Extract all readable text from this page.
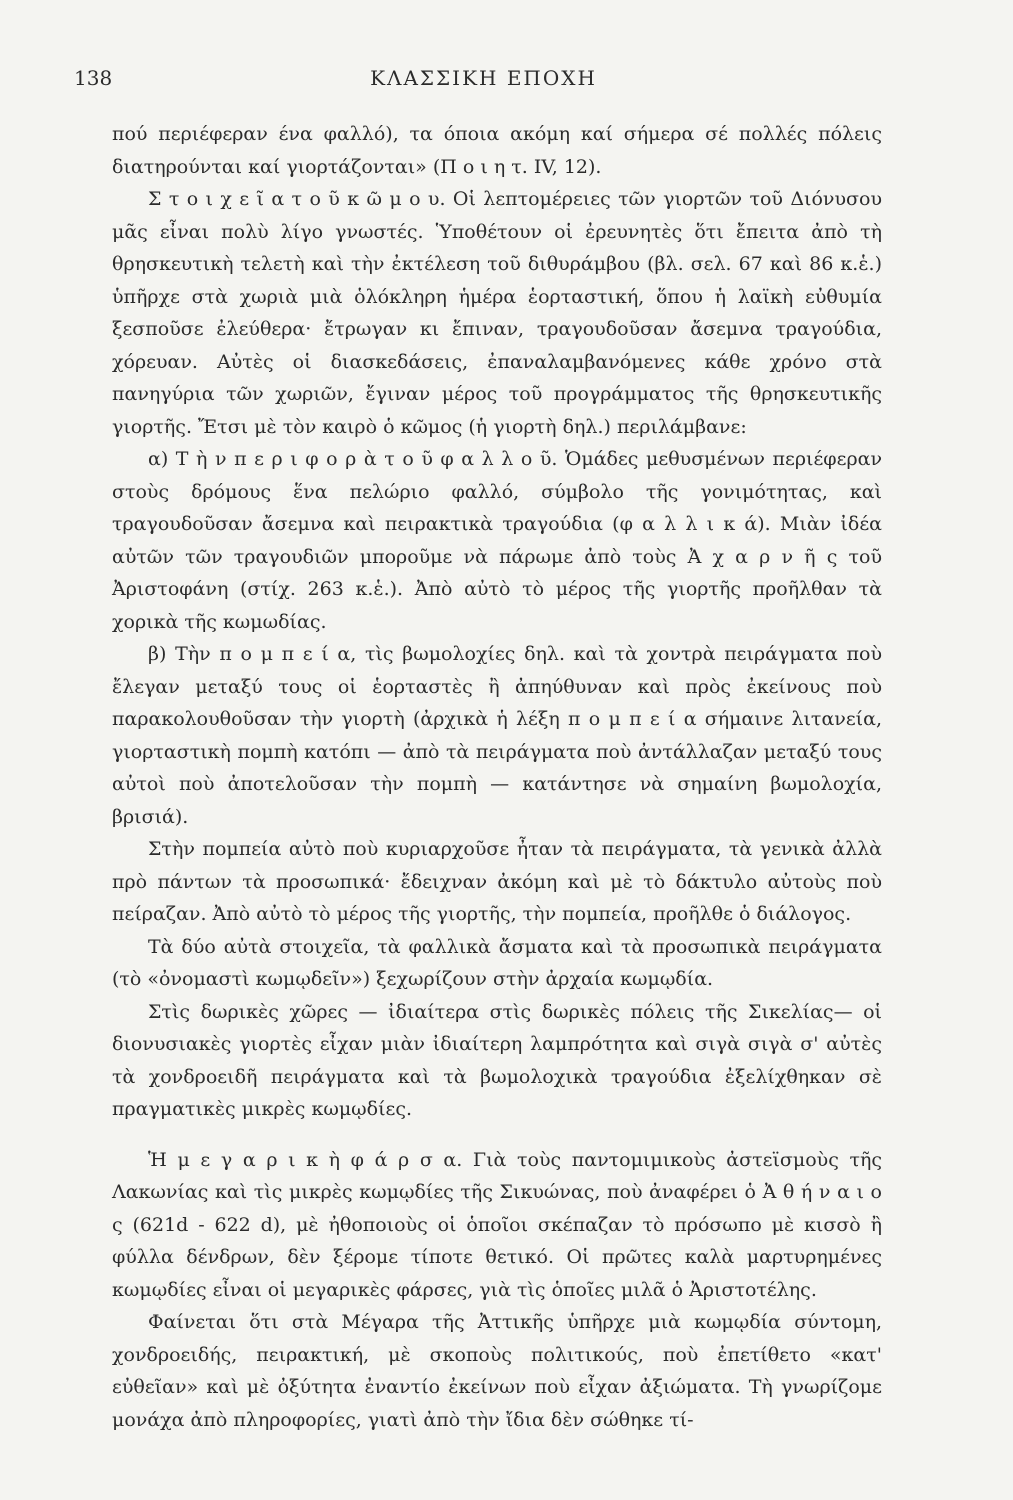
138	ΚΛΑΣΣΙΚΗ ΕΠΟΧΗ

πού περιέφεραν ένα φαλλό), τα όποια ακόμη καί σήμερα σέ πολλές πόλεις διατηρούνται καί γιορτάζονται» (Π ο ι η τ. IV, 12).

Σ τ ο ι χ ε ῖ α τ ο ῦ κ ῶ μ ο υ. Οἱ λεπτομέρειες τῶν γιορτῶν τοῦ Διόνυσου μᾶς εἶναι πολὺ λίγο γνωστές. Ὑποθέτουν οἱ ἐρευνητὲς ὅτι ἔπειτα ἀπὸ τὴ θρησκευτικὴ τελετὴ καὶ τὴν ἐκτέλεση τοῦ διθυράμβου (βλ. σελ. 67 καὶ 86 κ.ἑ.) ὑπῆρχε στὰ χωριὰ μιὰ ὁλόκληρη ἡμέρα ἑορταστική, ὅπου ἡ λαϊκὴ εὐθυμία ξεσποῦσε ἐλεύθερα· ἔτρωγαν κι ἔπιναν, τραγουδοῦσαν ἄσεμνα τραγούδια, χόρευαν. Αὐτὲς οἱ διασκεδάσεις, ἐπαναλαμβανόμενες κάθε χρόνο στὰ πανηγύρια τῶν χωριῶν, ἔγιναν μέρος τοῦ προγράμματος τῆς θρησκευτικῆς γιορτῆς. Ἔτσι μὲ τὸν καιρὸ ὁ κῶμος (ἡ γιορτὴ δηλ.) περιλάμβανε:

α) Τ ὴ ν π ε ρ ι φ ο ρ ὰ τ ο ῦ φ α λ λ ο ῦ. Ὁμάδες μεθυσμένων περιέφεραν στοὺς δρόμους ἕνα πελώριο φαλλό, σύμβολο τῆς γονιμότητας, καὶ τραγουδοῦσαν ἄσεμνα καὶ πειρακτικὰ τραγούδια (φ α λ λ ι κ ά). Μιὰν ἰδέα αὐτῶν τῶν τραγουδιῶν μποροῦμε νὰ πάρωμε ἀπὸ τοὺς Ἀ χ α ρ ν ῆ ς τοῦ Ἀριστοφάνη (στίχ. 263 κ.ἑ.). Ἀπὸ αὐτὸ τὸ μέρος τῆς γιορτῆς προῆλθαν τὰ χορικὰ τῆς κωμωδίας.

β) Τὴν π ο μ π ε ί α, τὶς βωμολοχίες δηλ. καὶ τὰ χοντρὰ πειράγματα ποὺ ἔλεγαν μεταξύ τους οἱ ἑορταστὲς ἢ ἀπηύθυναν καὶ πρὸς ἐκείνους ποὺ παρακολουθοῦσαν τὴν γιορτὴ (ἀρχικὰ ἡ λέξη π ο μ π ε ί α σήμαινε λιτανεία, γιορταστικὴ πομπὴ κατόπι — ἀπὸ τὰ πειράγματα ποὺ ἀντάλλαζαν μεταξύ τους αὐτοὶ ποὺ ἀποτελοῦσαν τὴν πομπὴ — κατάντησε νὰ σημαίνη βωμολοχία, βρισιά).

Στὴν πομπεία αὐτὸ ποὺ κυριαρχοῦσε ἦταν τὰ πειράγματα, τὰ γενικὰ ἀλλὰ πρὸ πάντων τὰ προσωπικά· ἔδειχναν ἀκόμη καὶ μὲ τὸ δάκτυλο αὐτοὺς ποὺ πείραζαν. Ἀπὸ αὐτὸ τὸ μέρος τῆς γιορτῆς, τὴν πομπεία, προῆλθε ὁ διάλογος.

Τὰ δύο αὐτὰ στοιχεῖα, τὰ φαλλικὰ ἄσματα καὶ τὰ προσωπικὰ πειράγματα (τὸ «ὀνομαστὶ κωμῳδεῖν») ξεχωρίζουν στὴν ἀρχαία κωμῳδία.

Στὶς δωρικὲς χῶρες — ἰδιαίτερα στὶς δωρικὲς πόλεις τῆς Σικελίας— οἱ διονυσιακὲς γιορτὲς εἶχαν μιὰν ἰδιαίτερη λαμπρότητα καὶ σιγὰ σιγὰ σ' αὐτὲς τὰ χονδροειδῆ πειράγματα καὶ τὰ βωμολοχικὰ τραγούδια ἐξελίχθηκαν σὲ πραγματικὲς μικρὲς κωμῳδίες.

Ἡ μ ε γ α ρ ι κ ὴ φ ά ρ σ α. Γιὰ τοὺς παντομιμικοὺς ἀστεϊσμοὺς τῆς Λακωνίας καὶ τὶς μικρὲς κωμῳδίες τῆς Σικυώνας, ποὺ ἀναφέρει ὁ Ἀ θ ή ν α ι ο ς (621d - 622 d), μὲ ἠθοποιοὺς οἱ ὁποῖοι σκέπαζαν τὸ πρόσωπο μὲ κισσὸ ἢ φύλλα δένδρων, δὲν ξέρομε τίποτε θετικό. Οἱ πρῶτες καλὰ μαρτυρημένες κωμῳδίες εἶναι οἱ μεγαρικὲς φάρσες, γιὰ τὶς ὁποῖες μιλᾶ ὁ Ἀριστοτέλης.

Φαίνεται ὅτι στὰ Μέγαρα τῆς Ἀττικῆς ὑπῆρχε μιὰ κωμῳδία σύντομη, χονδροειδής, πειρακτική, μὲ σκοποὺς πολιτικούς, ποὺ ἐπετίθετο «κατ' εὐθεῖαν» καὶ μὲ ὀξύτητα ἐναντίο ἐκείνων ποὺ εἶχαν ἀξιώματα. Τὴ γνωρίζομε μονάχα ἀπὸ πληροφορίες, γιατὶ ἀπὸ τὴν ἴδια δὲν σώθηκε τί-
